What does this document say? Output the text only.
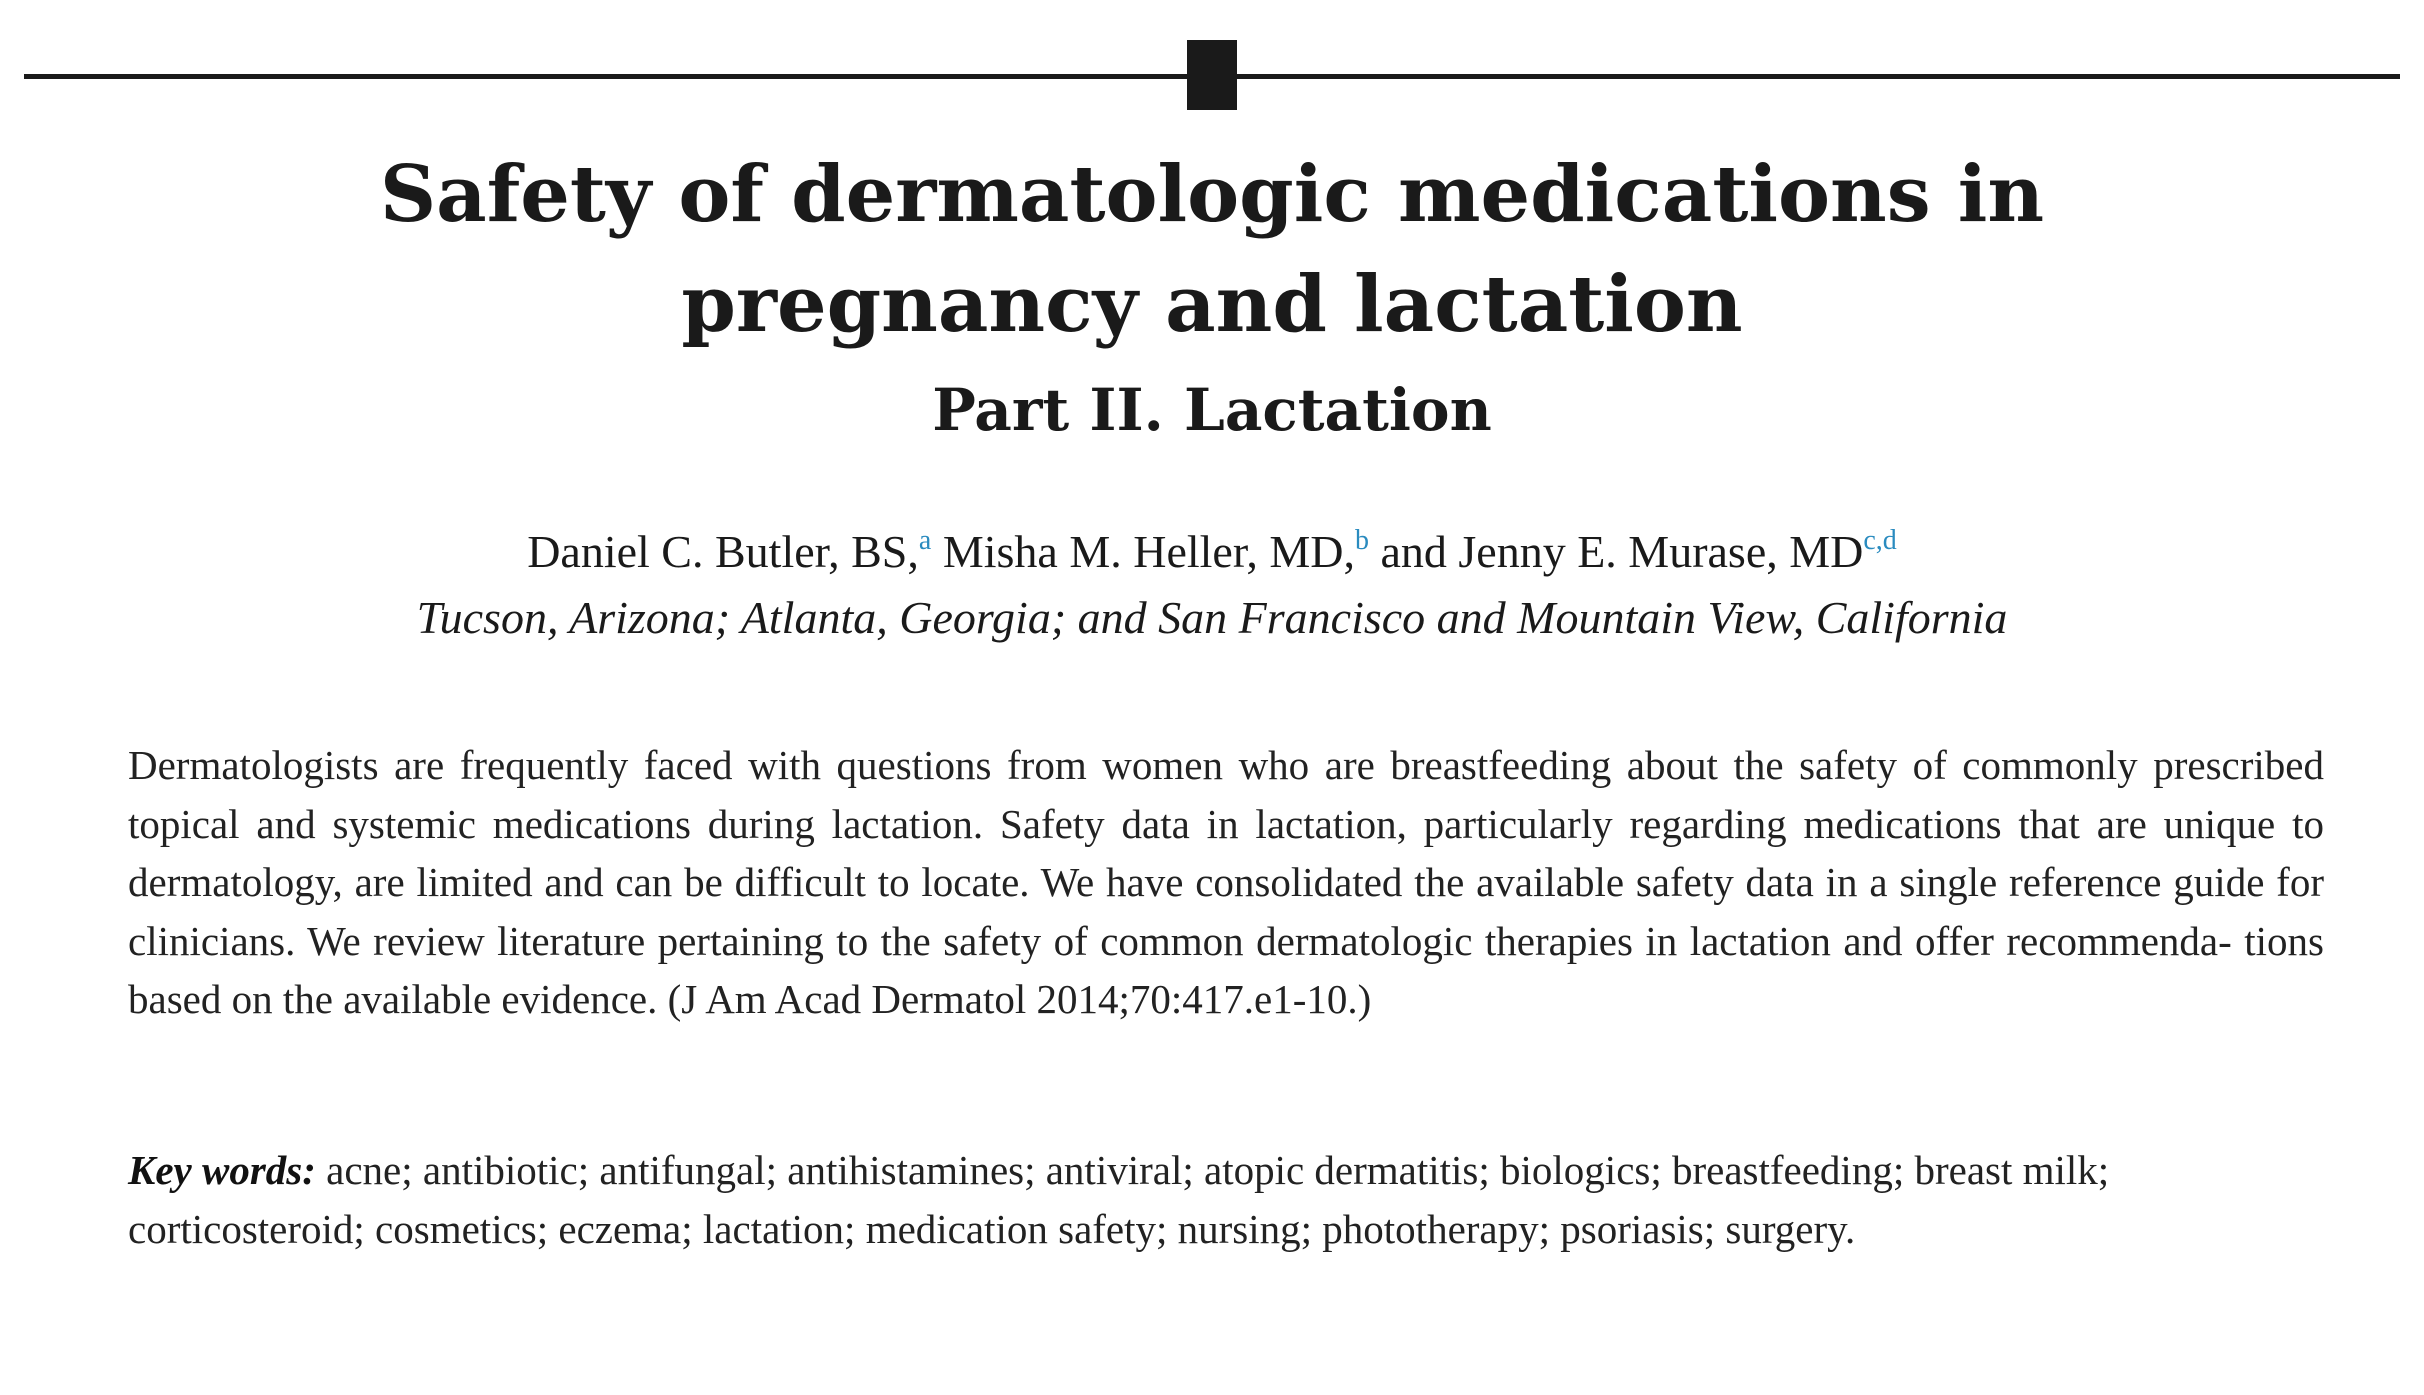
Safety of dermatologic medications in
pregnancy and lactation
Part II. Lactation
Daniel C. Butler, BS,$^a$ Misha M. Heller, MD,$^b$ and Jenny E. Murase, MD$^{c,d}$
Tucson, Arizona; Atlanta, Georgia; and San Francisco and Mountain View, California
Dermatologists are frequently faced with questions from women who are breastfeeding about the safety of commonly prescribed topical and systemic medications during lactation. Safety data in lactation, particularly regarding medications that are unique to dermatology, are limited and can be difficult to locate. We have consolidated the available safety data in a single reference guide for clinicians. We review literature pertaining to the safety of common dermatologic therapies in lactation and offer recommenda- tions based on the available evidence. (J Am Acad Dermatol 2014;70:417.e1-10.)
Key words: acne; antibiotic; antifungal; antihistamines; antiviral; atopic dermatitis; biologics; breastfeeding; breast milk; corticosteroid; cosmetics; eczema; lactation; medication safety; nursing; phototherapy; psoriasis; surgery.
